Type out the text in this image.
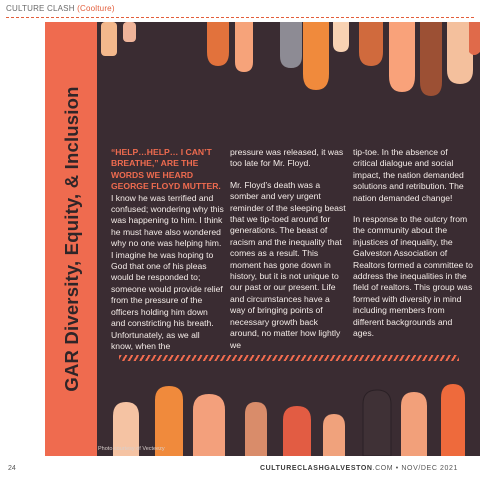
CULTURE CLASH (Coolture)
GAR Diversity, Equity, & Inclusion	“HELP…HELP… I CAN’T BREATHE,” ARE THE WORDS WE HEARD GEORGE FLOYD MUTTER. I know he was terrified and confused; wondering why this was happening to him. I think he must have also wondered why no one was helping him. I imagine he was hoping to God that one of his pleas would be responded to; someone would provide relief from the pressure of the officers holding him down and constricting his breath. Unfortunately, as we all know, when the

pressure was released, it was too late for Mr. Floyd.

Mr. Floyd’s death was a somber and very urgent reminder of the sleeping beast that we tip-toed around for generations. The beast of racism and the inequality that comes as a result. This moment has gone down in history, but it is not unique to our past or our present. Life and circumstances have a way of bringing points of necessary growth back around, no matter how lightly we

tip-toe. In the absence of critical dialogue and social impact, the nation demanded solutions and retribution. The nation demanded change!

In response to the outcry from the community about the injustices of inequality, the Galveston Association of Realtors formed a committee to address the inequalities in the field of realtors. This group was formed with diversity in mind including members from different backgrounds and ages.

Photo courtesy of Vecteezy
24	CULTURECLASHGALVESTON.COM • NOV/DEC 2021
